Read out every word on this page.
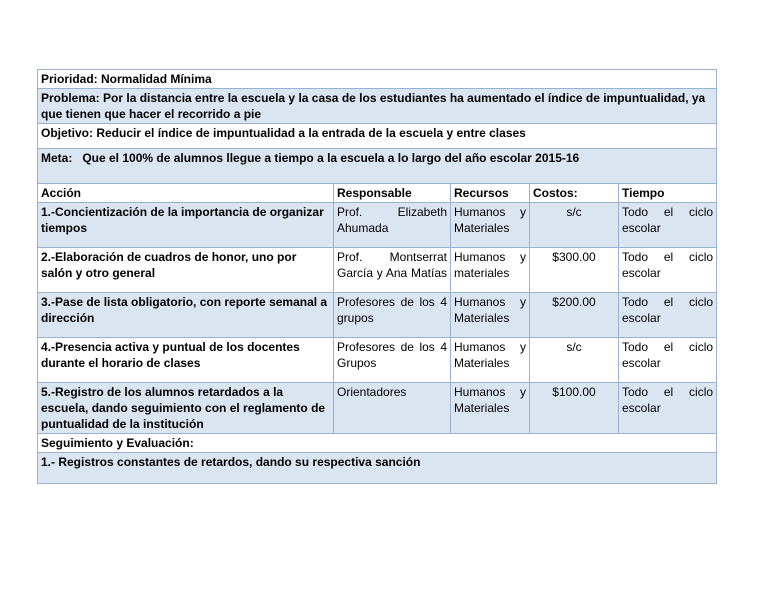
Prioridad: Normalidad Mínima				
Problema: Por la distancia entre la escuela y la casa de los estudiantes ha aumentado el índice de impuntualidad, ya que tienen que hacer el recorrido a pie				
Objetivo: Reducir el índice de impuntualidad a la entrada de la escuela y entre clases				
Meta:   Que el 100% de alumnos llegue a tiempo a la escuela a lo largo del año escolar 2015-16				
Acción	Responsable	Recursos	Costos:	Tiempo
1.-Concientización de la importancia de organizar tiempos	Prof. Elizabeth Ahumada	Humanos y Materiales	s/c	Todo el ciclo escolar
2.-Elaboración de cuadros de honor, uno por salón y otro general	Prof. Montserrat García y Ana Matías	Humanos y materiales	$300.00	Todo el ciclo escolar
3.-Pase de lista obligatorio, con reporte semanal a dirección	Profesores de los 4 grupos	Humanos y Materiales	$200.00	Todo el ciclo escolar
4.-Presencia activa y puntual de los docentes durante el horario de clases	Profesores de los 4 Grupos	Humanos y Materiales	s/c	Todo el ciclo escolar
5.-Registro de los alumnos retardados a la escuela, dando seguimiento con el reglamento de puntualidad de la institución	Orientadores	Humanos y Materiales	$100.00	Todo el ciclo escolar
Seguimiento y Evaluación:				
1.- Registros constantes de retardos, dando su respectiva sanción				
